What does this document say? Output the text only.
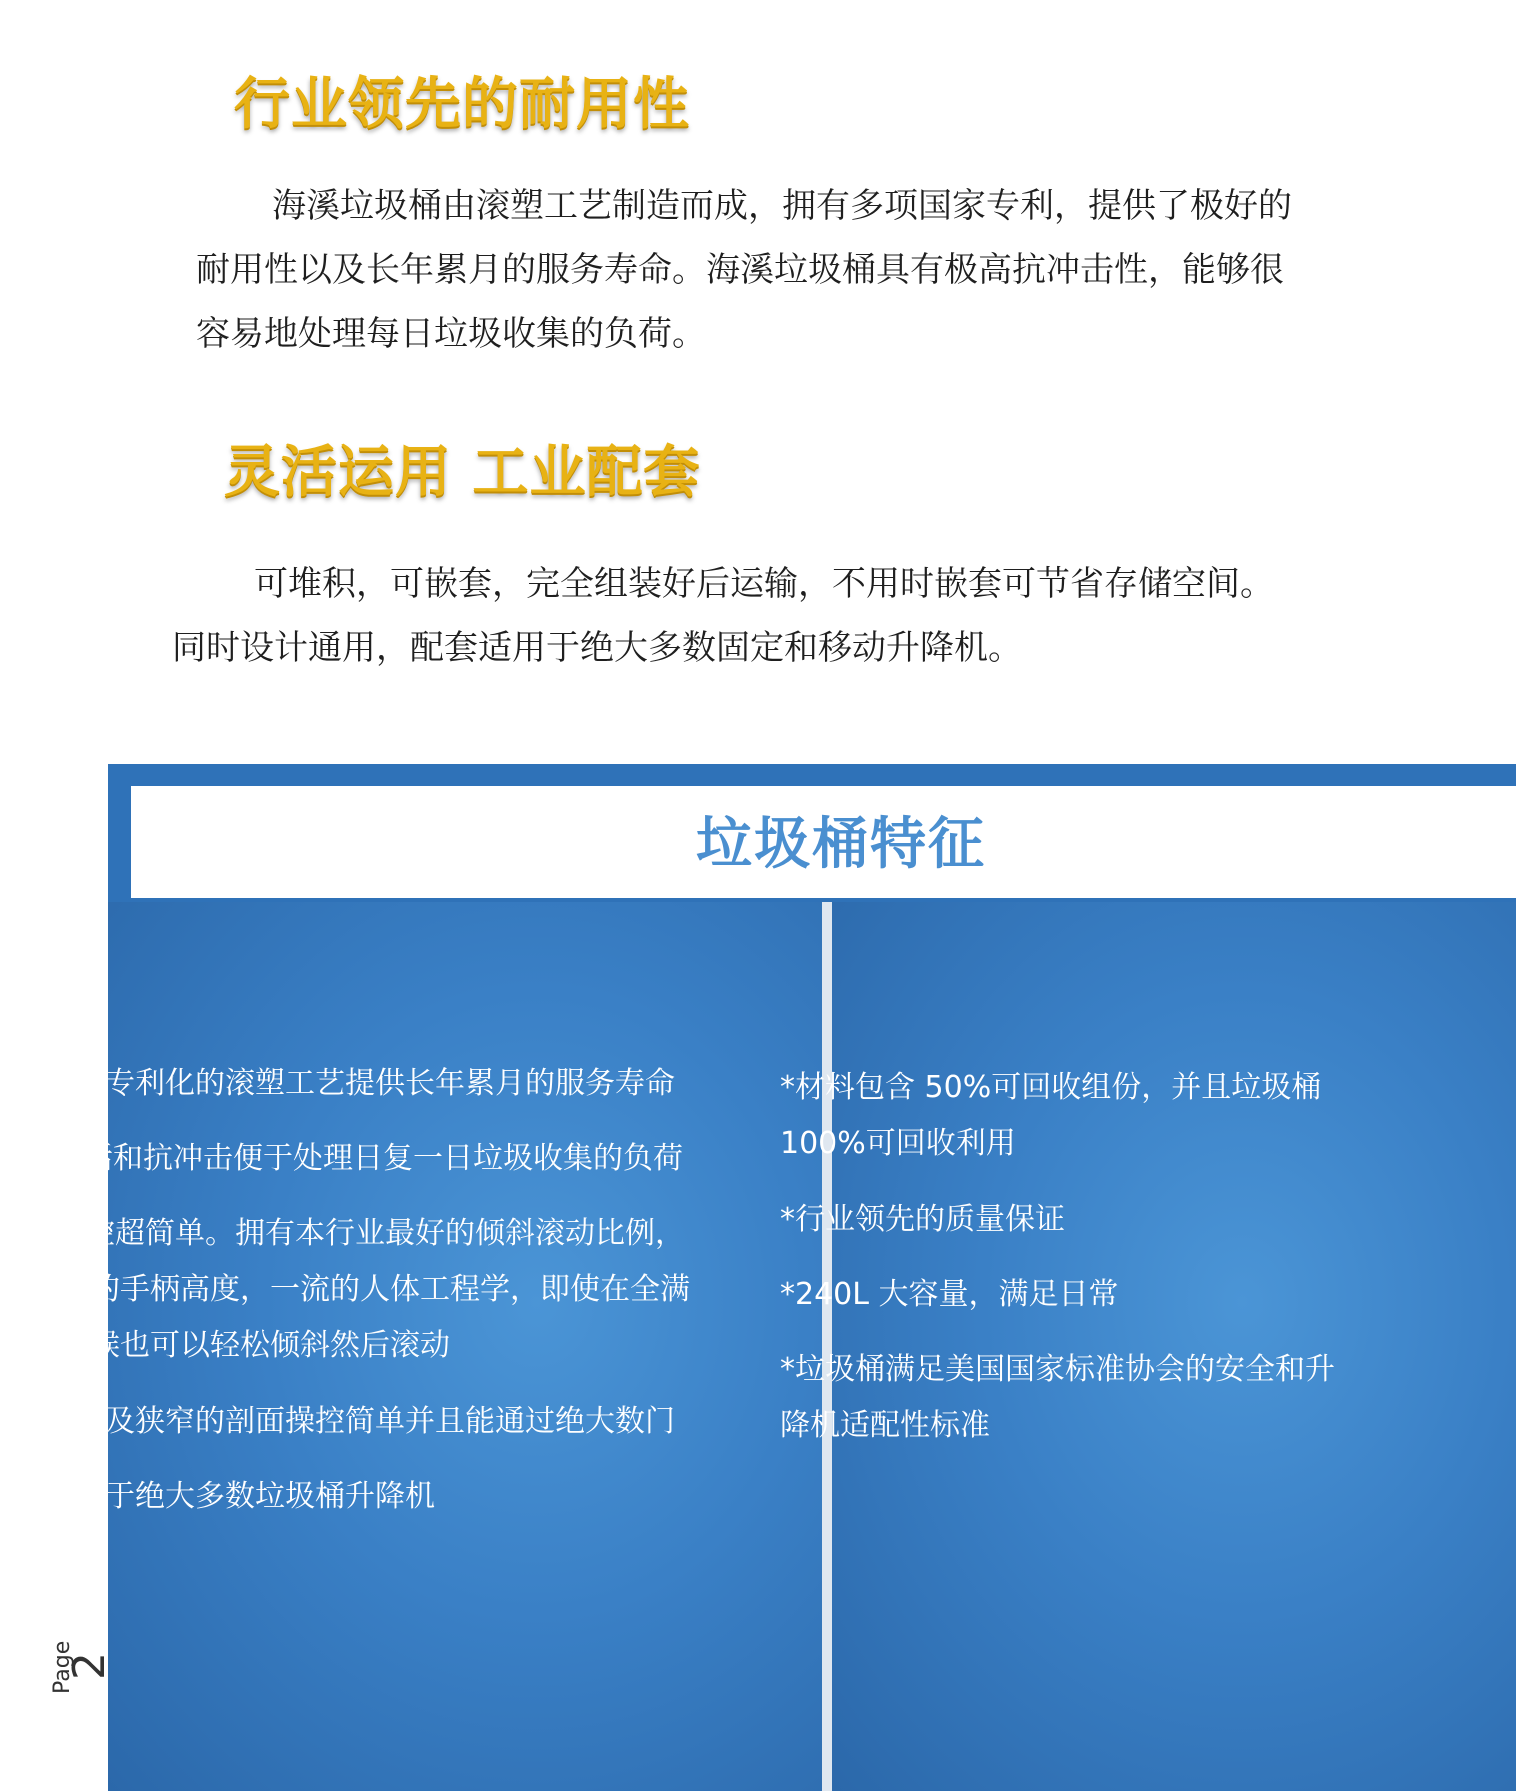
行业领先的耐用性
海溪垃圾桶由滚塑工艺制造而成，拥有多项国家专利，提供了极好的
耐用性以及长年累月的服务寿命。海溪垃圾桶具有极高抗冲击性，能够很
容易地处理每日垃圾收集的负荷。
灵活运用 工业配套
可堆积，可嵌套，完全组装好后运输，不用时嵌套可节省存储空间。
同时设计通用，配套适用于绝大多数固定和移动升降机。
垃圾桶特征
*通过专利化的滚塑工艺提供长年累月的服务寿命
*灵活和抗冲击便于处理日复一日垃圾收集的负荷
*操控超简单。拥有本行业最好的倾斜滚动比例，
理想的手柄高度，一流的人体工程学，即使在全满
的时候也可以轻松倾斜然后滚动
*低以及狭窄的剖面操控简单并且能通过绝大数门
*适用于绝大多数垃圾桶升降机
*材料包含 50%可回收组份，并且垃圾桶
100%可回收利用
*行业领先的质量保证
*240L 大容量，满足日常
*垃圾桶满足美国国家标准协会的安全和升
降机适配性标准
Page
2
